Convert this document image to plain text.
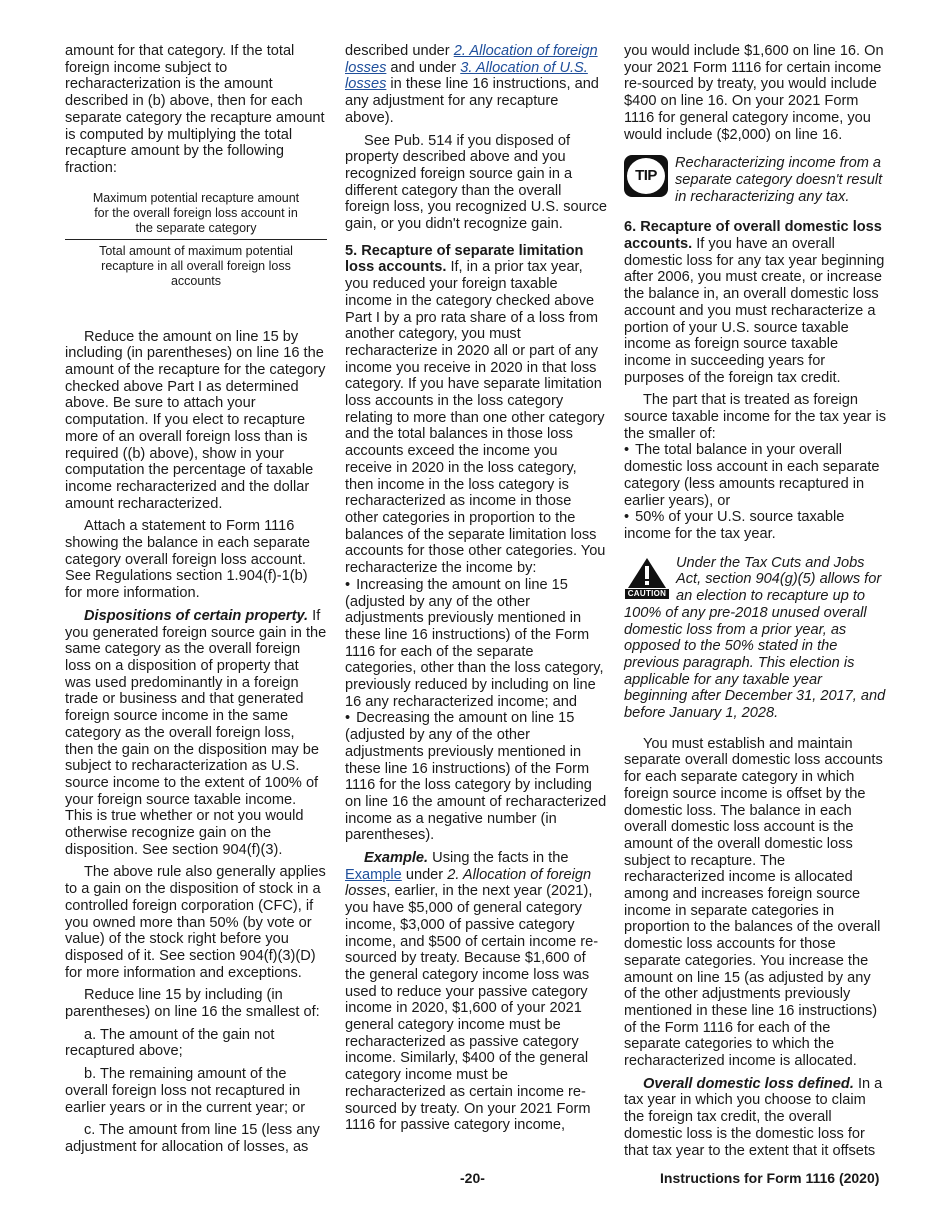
amount for that category. If the total foreign income subject to recharacterization is the amount described in (b) above, then for each separate category the recapture amount is computed by multiplying the total recapture amount by the following fraction:

Maximum potential recapture amount for the overall foreign loss account in the separate category
Total amount of maximum potential recapture in all overall foreign loss accounts

Reduce the amount on line 15 by including (in parentheses) on line 16 the amount of the recapture for the category checked above Part I as determined above. Be sure to attach your computation. If you elect to recapture more of an overall foreign loss than is required ((b) above), show in your computation the percentage of taxable income recharacterized and the dollar amount recharacterized.

Attach a statement to Form 1116 showing the balance in each separate category overall foreign loss account. See Regulations section 1.904(f)-1(b) for more information.

Dispositions of certain property. If you generated foreign source gain in the same category as the overall foreign loss on a disposition of property that was used predominantly in a foreign trade or business and that generated foreign source income in the same category as the overall foreign loss, then the gain on the disposition may be subject to recharacterization as U.S. source income to the extent of 100% of your foreign source taxable income. This is true whether or not you would otherwise recognize gain on the disposition. See section 904(f)(3).

The above rule also generally applies to a gain on the disposition of stock in a controlled foreign corporation (CFC), if you owned more than 50% (by vote or value) of the stock right before you disposed of it. See section 904(f)(3)(D) for more information and exceptions.

Reduce line 15 by including (in parentheses) on line 16 the smallest of:

a. The amount of the gain not recaptured above;

b. The remaining amount of the overall foreign loss not recaptured in earlier years or in the current year; or

c. The amount from line 15 (less any adjustment for allocation of losses, as

described under 2. Allocation of foreign losses and under 3. Allocation of U.S. losses in these line 16 instructions, and any adjustment for any recapture above).

See Pub. 514 if you disposed of property described above and you recognized foreign source gain in a different category than the overall foreign loss, you recognized U.S. source gain, or you didn't recognize gain.

5. Recapture of separate limitation loss accounts. If, in a prior tax year, you reduced your foreign taxable income in the category checked above Part I by a pro rata share of a loss from another category, you must recharacterize in 2020 all or part of any income you receive in 2020 in that loss category. If you have separate limitation loss accounts in the loss category relating to more than one other category and the total balances in those loss accounts exceed the income you receive in 2020 in the loss category, then income in the loss category is recharacterized as income in those other categories in proportion to the balances of the separate limitation loss accounts for those other categories. You recharacterize the income by:

• Increasing the amount on line 15 (adjusted by any of the other adjustments previously mentioned in these line 16 instructions) of the Form 1116 for each of the separate categories, other than the loss category, previously reduced by including on line 16 any recharacterized income; and

• Decreasing the amount on line 15 (adjusted by any of the other adjustments previously mentioned in these line 16 instructions) of the Form 1116 for the loss category by including on line 16 the amount of recharacterized income as a negative number (in parentheses).

Example. Using the facts in the Example under 2. Allocation of foreign losses, earlier, in the next year (2021), you have $5,000 of general category income, $3,000 of passive category income, and $500 of certain income re-sourced by treaty. Because $1,600 of the general category income loss was used to reduce your passive category income in 2020, $1,600 of your 2021 general category income must be recharacterized as passive category income. Similarly, $400 of the general category income must be recharacterized as certain income re-sourced by treaty. On your 2021 Form 1116 for passive category income,

you would include $1,600 on line 16. On your 2021 Form 1116 for certain income re-sourced by treaty, you would include $400 on line 16. On your 2021 Form 1116 for general category income, you would include ($2,000) on line 16.

TIP
Recharacterizing income from a separate category doesn't result in recharacterizing any tax.

6. Recapture of overall domestic loss accounts. If you have an overall domestic loss for any tax year beginning after 2006, you must create, or increase the balance in, an overall domestic loss account and you must recharacterize a portion of your U.S. source taxable income as foreign source taxable income in succeeding years for purposes of the foreign tax credit.

The part that is treated as foreign source taxable income for the tax year is the smaller of:

• The total balance in your overall domestic loss account in each separate category (less amounts recaptured in earlier years), or

• 50% of your U.S. source taxable income for the tax year.

CAUTION
Under the Tax Cuts and Jobs Act, section 904(g)(5) allows for an election to recapture up to 100% of any pre-2018 unused overall domestic loss from a prior year, as opposed to the 50% stated in the previous paragraph. This election is applicable for any taxable year beginning after December 31, 2017, and before January 1, 2028.

You must establish and maintain separate overall domestic loss accounts for each separate category in which foreign source income is offset by the domestic loss. The balance in each overall domestic loss account is the amount of the overall domestic loss subject to recapture. The recharacterized income is allocated among and increases foreign source income in separate categories in proportion to the balances of the overall domestic loss accounts for those separate categories. You increase the amount on line 15 (as adjusted by any of the other adjustments previously mentioned in these line 16 instructions) of the Form 1116 for each of the separate categories to which the recharacterized income is allocated.

Overall domestic loss defined. In a tax year in which you choose to claim the foreign tax credit, the overall domestic loss is the domestic loss for that tax year to the extent that it offsets

-20-	Instructions for Form 1116 (2020)
